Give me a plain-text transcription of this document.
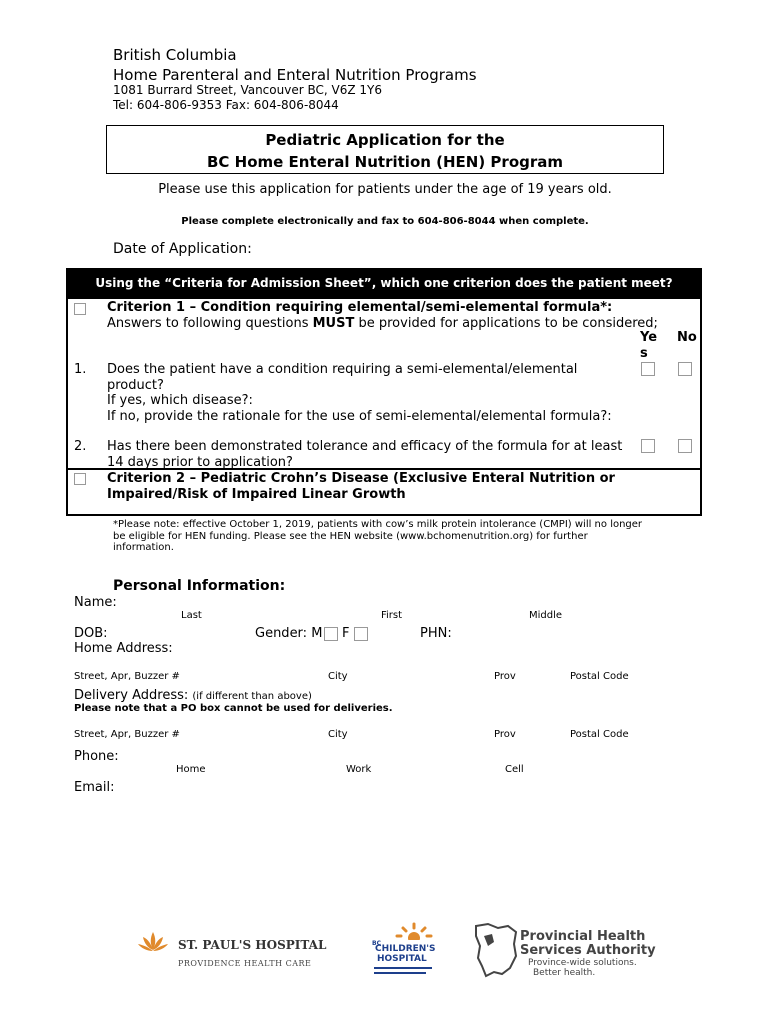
British Columbia
Home Parenteral and Enteral Nutrition Programs
1081 Burrard Street, Vancouver BC, V6Z 1Y6
Tel: 604-806-9353 Fax: 604-806-8044
Pediatric Application for the
BC Home Enteral Nutrition (HEN) Program
Please use this application for patients under the age of 19 years old.
Please complete electronically and fax to 604-806-8044 when complete.
Date of Application:
Using the “Criteria for Admission Sheet”, which one criterion does the patient meet?
Criterion 1 – Condition requiring elemental/semi-elemental formula*:
Answers to following questions MUST be provided for applications to be considered;
Yes
No
1. Does the patient have a condition requiring a semi-elemental/elemental
product?
If yes, which disease?:
If no, provide the rationale for the use of semi-elemental/elemental formula?:
2. Has there been demonstrated tolerance and efficacy of the formula for at least
14 days prior to application?
Criterion 2 – Pediatric Crohn’s Disease (Exclusive Enteral Nutrition or
Impaired/Risk of Impaired Linear Growth
*Please note: effective October 1, 2019, patients with cow’s milk protein intolerance (CMPI) will no longer
be eligible for HEN funding. Please see the HEN website (www.bchomenutrition.org) for further
information.
Personal Information:
Name:
Last	First	Middle
DOB:	Gender: M F	PHN:
Home Address:
Street, Apr, Buzzer #	City	Prov	Postal Code
Delivery Address: (if different than above)
Please note that a PO box cannot be used for deliveries.
Street, Apr, Buzzer #	City	Prov	Postal Code
Phone:
Home	Work	Cell
Email:
ST. PAUL'S HOSPITAL
PROVIDENCE HEALTH CARE
BC
CHILDREN'S
HOSPITAL
Provincial Health
Services Authority
Province-wide solutions.
Better health.
